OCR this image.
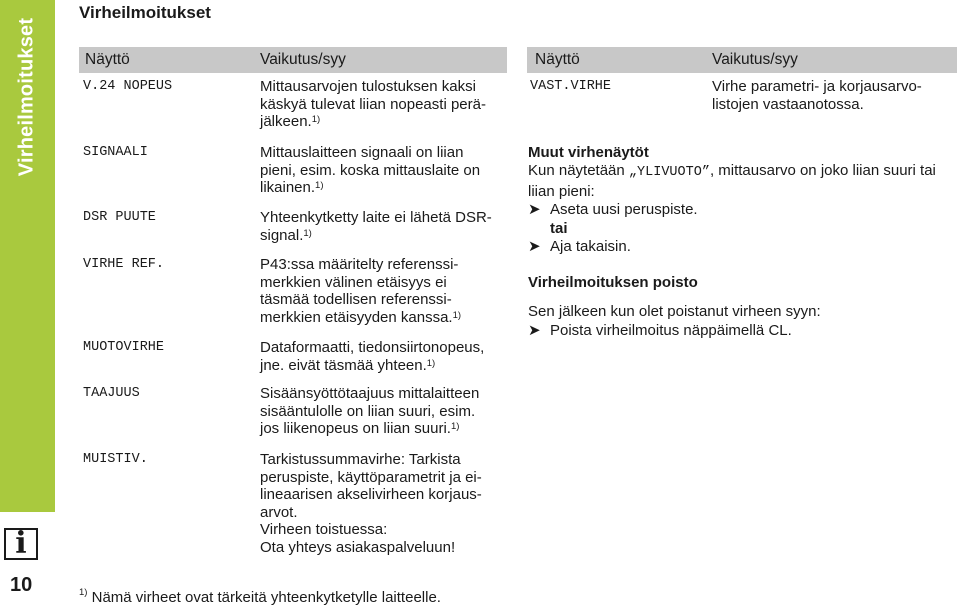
Virheilmoitukset
i
10
Virheilmoitukset
Näyttö	Vaikutus/syy
V.24 NOPEUS	Mittausarvojen tulostuksen kaksi
käskyä tulevat liian nopeasti perä-
jälkeen.$^{1)}$
SIGNAALI	Mittauslaitteen signaali on liian
pieni, esim. koska mittauslaite on
likainen.$^{1)}$
DSR PUUTE	Yhteenkytketty laite ei lähetä DSR-
signal.$^{1)}$
VIRHE REF.	P43:ssa määritelty referenssi-
merkkien välinen etäisyys ei
täsmää todellisen referenssi-
merkkien etäisyyden kanssa.$^{1)}$
MUOTOVIRHE	Dataformaatti, tiedonsiirtonopeus,
jne. eivät täsmää yhteen.$^{1)}$
TAAJUUS	Sisäänsyöttötaajuus mittalaitteen
sisääntulolle on liian suuri, esim.
jos liikenopeus on liian suuri.$^{1)}$
MUISTIV.	Tarkistussummavirhe: Tarkista
peruspiste, käyttöparametrit ja ei-
lineaarisen akselivirheen korjaus-
arvot.
Virheen toistuessa:
Ota yhteys asiakaspalveluun!
Näyttö	Vaikutus/syy
VAST.VIRHE	Virhe parametri- ja korjausarvo-
listojen vastaanotossa.
Muut virhenäytöt
Kun näytetään „YLIVUOTO”, mittausarvo on joko liian suuri tai
liian pieni:
➤ Aseta uusi peruspiste.
tai
➤ Aja takaisin.
Virheilmoituksen poisto
Sen jälkeen kun olet poistanut virheen syyn:
➤ Poista virheilmoitus näppäimellä CL.
$^{1)}$ Nämä virheet ovat tärkeitä yhteenkytketylle laitteelle.
